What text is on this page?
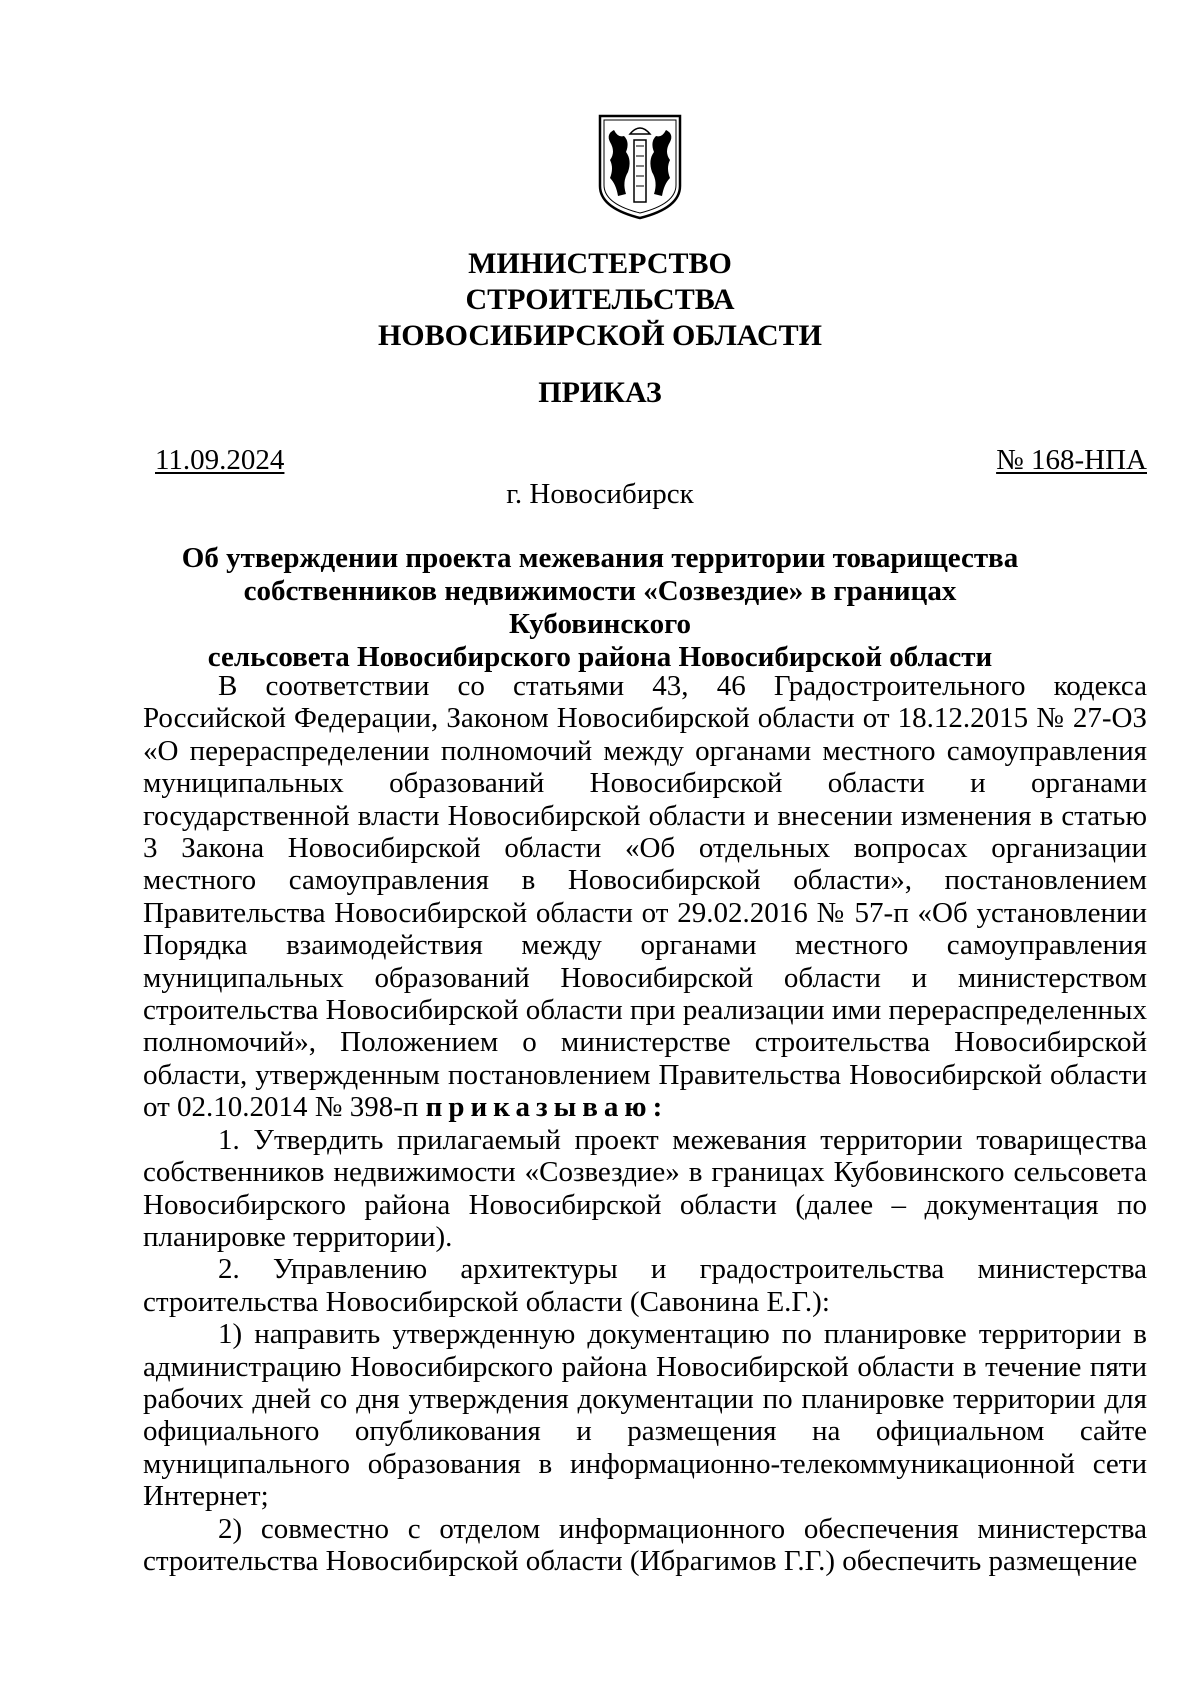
МИНИСТЕРСТВО
СТРОИТЕЛЬСТВА
НОВОСИБИРСКОЙ ОБЛАСТИ
ПРИКАЗ
11.09.2024	№ 168-НПА
г. Новосибирск
Об утверждении проекта межевания территории товарищества
собственников недвижимости «Созвездие» в границах Кубовинского
сельсовета Новосибирского района Новосибирской области

В соответствии со статьями 43, 46 Градостроительного кодекса Российской Федерации, Законом Новосибирской области от 18.12.2015 № 27-ОЗ «О перераспределении полномочий между органами местного самоуправления муниципальных образований Новосибирской области и органами государственной власти Новосибирской области и внесении изменения в статью 3 Закона Новосибирской области «Об отдельных вопросах организации местного самоуправления в Новосибирской области», постановлением Правительства Новосибирской области от 29.02.2016 № 57-п «Об установлении Порядка взаимодействия между органами местного самоуправления муниципальных образований Новосибирской области и министерством строительства Новосибирской области при реализации ими перераспределенных полномочий», Положением о министерстве строительства Новосибирской области, утвержденным постановлением Правительства Новосибирской области от 02.10.2014 № 398-п приказываю:

1. Утвердить прилагаемый проект межевания территории товарищества собственников недвижимости «Созвездие» в границах Кубовинского сельсовета Новосибирского района Новосибирской области (далее – документация по планировке территории).

2. Управлению архитектуры и градостроительства министерства строительства Новосибирской области (Савонина Е.Г.):

1) направить утвержденную документацию по планировке территории в администрацию Новосибирского района Новосибирской области в течение пяти рабочих дней со дня утверждения документации по планировке территории для официального опубликования и размещения на официальном сайте муниципального образования в информационно-телекоммуникационной сети Интернет;

2) совместно с отделом информационного обеспечения министерства строительства Новосибирской области (Ибрагимов Г.Г.) обеспечить размещение
